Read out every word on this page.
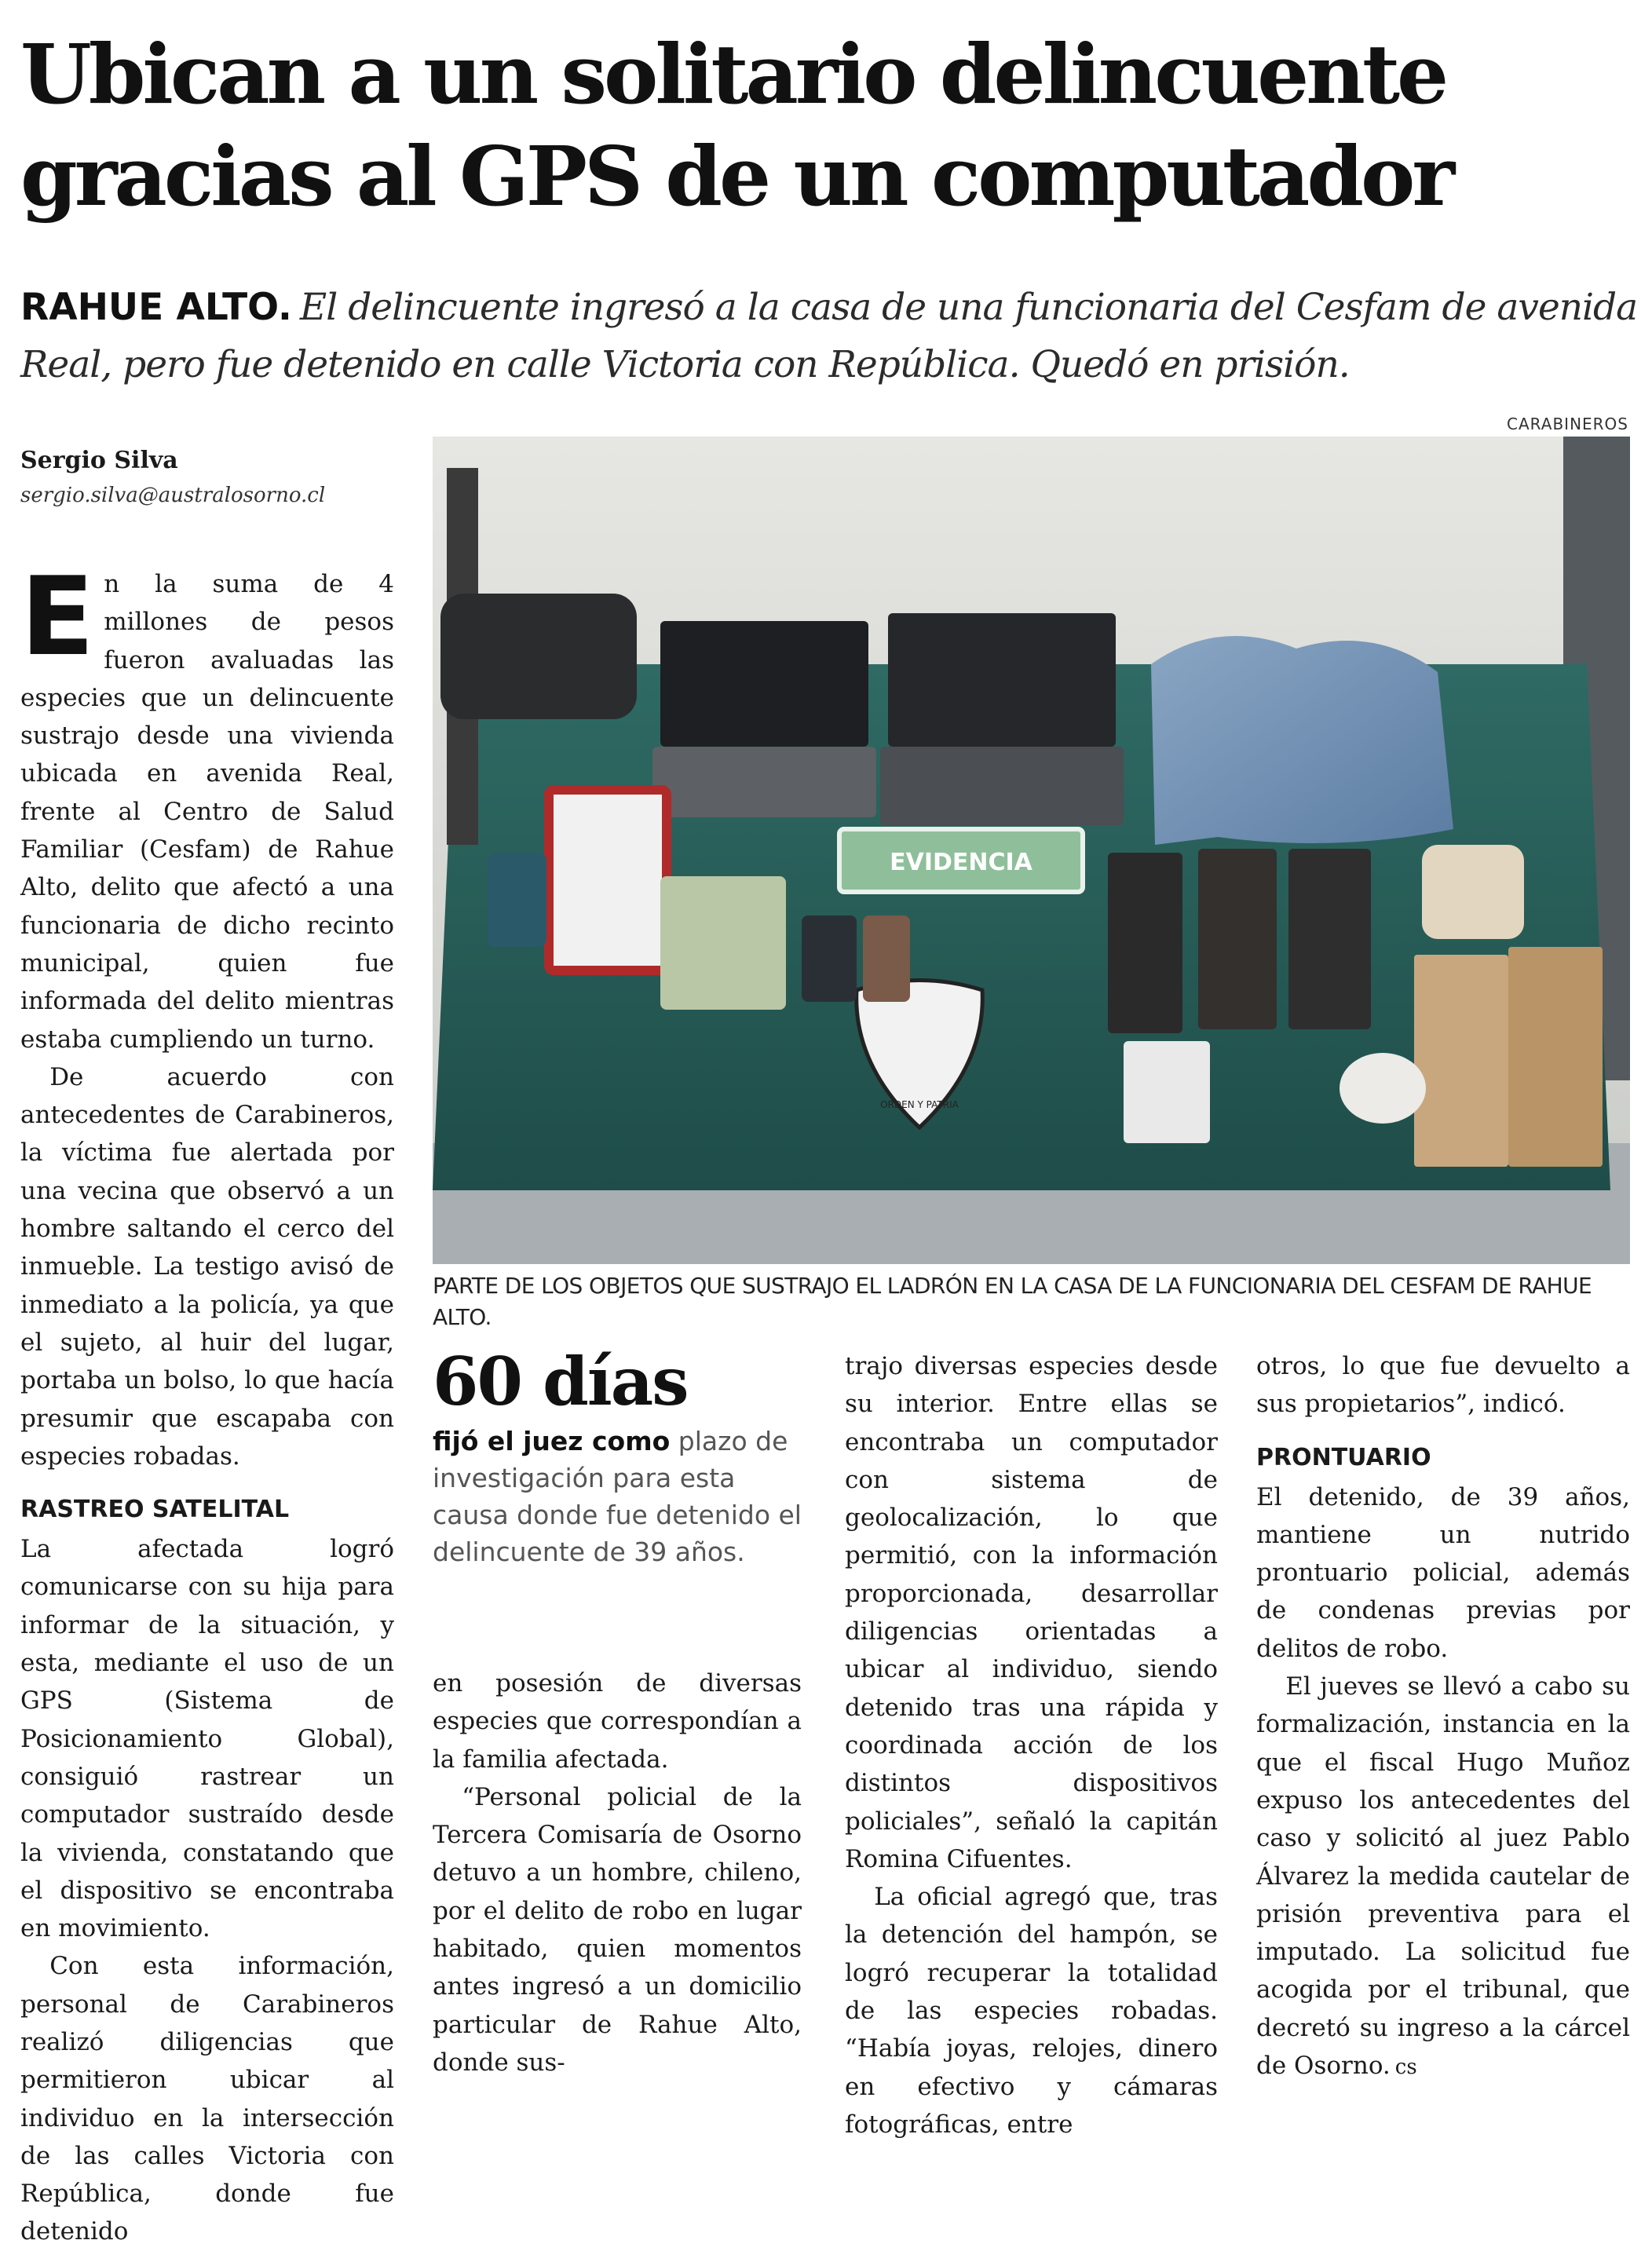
Ubican a un solitario delincuente gracias al GPS de un computador

RAHUE ALTO. El delincuente ingresó a la casa de una funcionaria del Cesfam de avenida Real, pero fue detenido en calle Victoria con República. Quedó en prisión.

Sergio Silva
sergio.silva@australosorno.cl

En la suma de 4 millones de pesos fueron avaluadas las especies que un delincuente sustrajo desde una vivienda ubicada en avenida Real, frente al Centro de Salud Familiar (Cesfam) de Rahue Alto, delito que afectó a una funcionaria de dicho recinto municipal, quien fue informada del delito mientras estaba cumpliendo un turno.

De acuerdo con antecedentes de Carabineros, la víctima fue alertada por una vecina que observó a un hombre saltando el cerco del inmueble. La testigo avisó de inmediato a la policía, ya que el sujeto, al huir del lugar, portaba un bolso, lo que hacía presumir que escapaba con especies robadas.

RASTREO SATELITAL

La afectada logró comunicarse con su hija para informar de la situación, y esta, mediante el uso de un GPS (Sistema de Posicionamiento Global), consiguió rastrear un computador sustraído desde la vivienda, constatando que el dispositivo se encontraba en movimiento.

Con esta información, personal de Carabineros realizó diligencias que permitieron ubicar al individuo en la intersección de las calles Victoria con República, donde fue detenido

CARABINEROS
EVIDENCIA
ORDEN Y PATRIA
PARTE DE LOS OBJETOS QUE SUSTRAJO EL LADRÓN EN LA CASA DE LA FUNCIONARIA DEL CESFAM DE RAHUE ALTO.
60 días
fijó el juez como plazo de investigación para esta causa donde fue detenido el delincuente de 39 años.

en posesión de diversas especies que correspondían a la familia afectada.

“Personal policial de la Tercera Comisaría de Osorno detuvo a un hombre, chileno, por el delito de robo en lugar habitado, quien momentos antes ingresó a un domicilio particular de Rahue Alto, donde sus-

trajo diversas especies desde su interior. Entre ellas se encontraba un computador con sistema de geolocalización, lo que permitió, con la información proporcionada, desarrollar diligencias orientadas a ubicar al individuo, siendo detenido tras una rápida y coordinada acción de los distintos dispositivos policiales”, señaló la capitán Romina Cifuentes.

La oficial agregó que, tras la detención del hampón, se logró recuperar la totalidad de las especies robadas. “Había joyas, relojes, dinero en efectivo y cámaras fotográficas, entre

otros, lo que fue devuelto a sus propietarios”, indicó.

PRONTUARIO

El detenido, de 39 años, mantiene un nutrido prontuario policial, además de condenas previas por delitos de robo.

El jueves se llevó a cabo su formalización, instancia en la que el fiscal Hugo Muñoz expuso los antecedentes del caso y solicitó al juez Pablo Álvarez la medida cautelar de prisión preventiva para el imputado. La solicitud fue acogida por el tribunal, que decretó su ingreso a la cárcel de Osorno. cs
